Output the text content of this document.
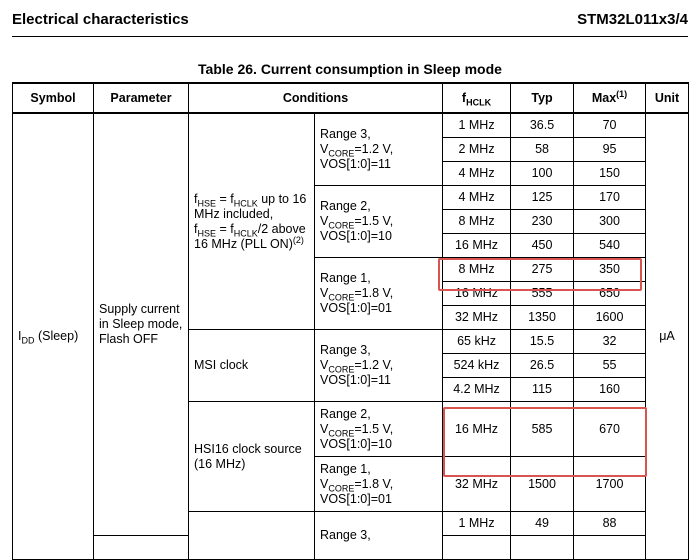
Electrical characteristics	STM32L011x3/4
Table 26. Current consumption in Sleep mode
Symbol	Parameter	Conditions		$f_{HCLK}$	Typ	Max$^{(1)}$	Unit
$I_{DD}$ (Sleep)	Supply current in Sleep mode, Flash OFF	$f_{HSE} = f_{HCLK}$ up to 16 MHz included,
$f_{HSE} = f_{HCLK}/2$ above 16 MHz (PLL ON)$^{(2)}$	Range 3,
$V_{CORE}=1.2$ V,
VOS[1:0]=11	1 MHz	36.5	70	μA
				2 MHz	58	95	
				4 MHz	100	150	
			Range 2,
$V_{CORE}=1.5$ V,
VOS[1:0]=10	4 MHz	125	170	
				8 MHz	230	300	
				16 MHz	450	540	
			Range 1,
$V_{CORE}=1.8$ V,
VOS[1:0]=01	8 MHz	275	350	
				16 MHz	555	650	
				32 MHz	1350	1600	
		MSI clock	Range 3,
$V_{CORE}=1.2$ V,
VOS[1:0]=11	65 kHz	15.5	32	
				524 kHz	26.5	55	
				4.2 MHz	115	160	
		HSI16 clock source (16 MHz)	Range 2,
$V_{CORE}=1.5$ V,
VOS[1:0]=10	16 MHz	585	670	
			Range 1,
$V_{CORE}=1.8$ V,
VOS[1:0]=01	32 MHz	1500	1700	
			Range 3,	1 MHz	49	88	
